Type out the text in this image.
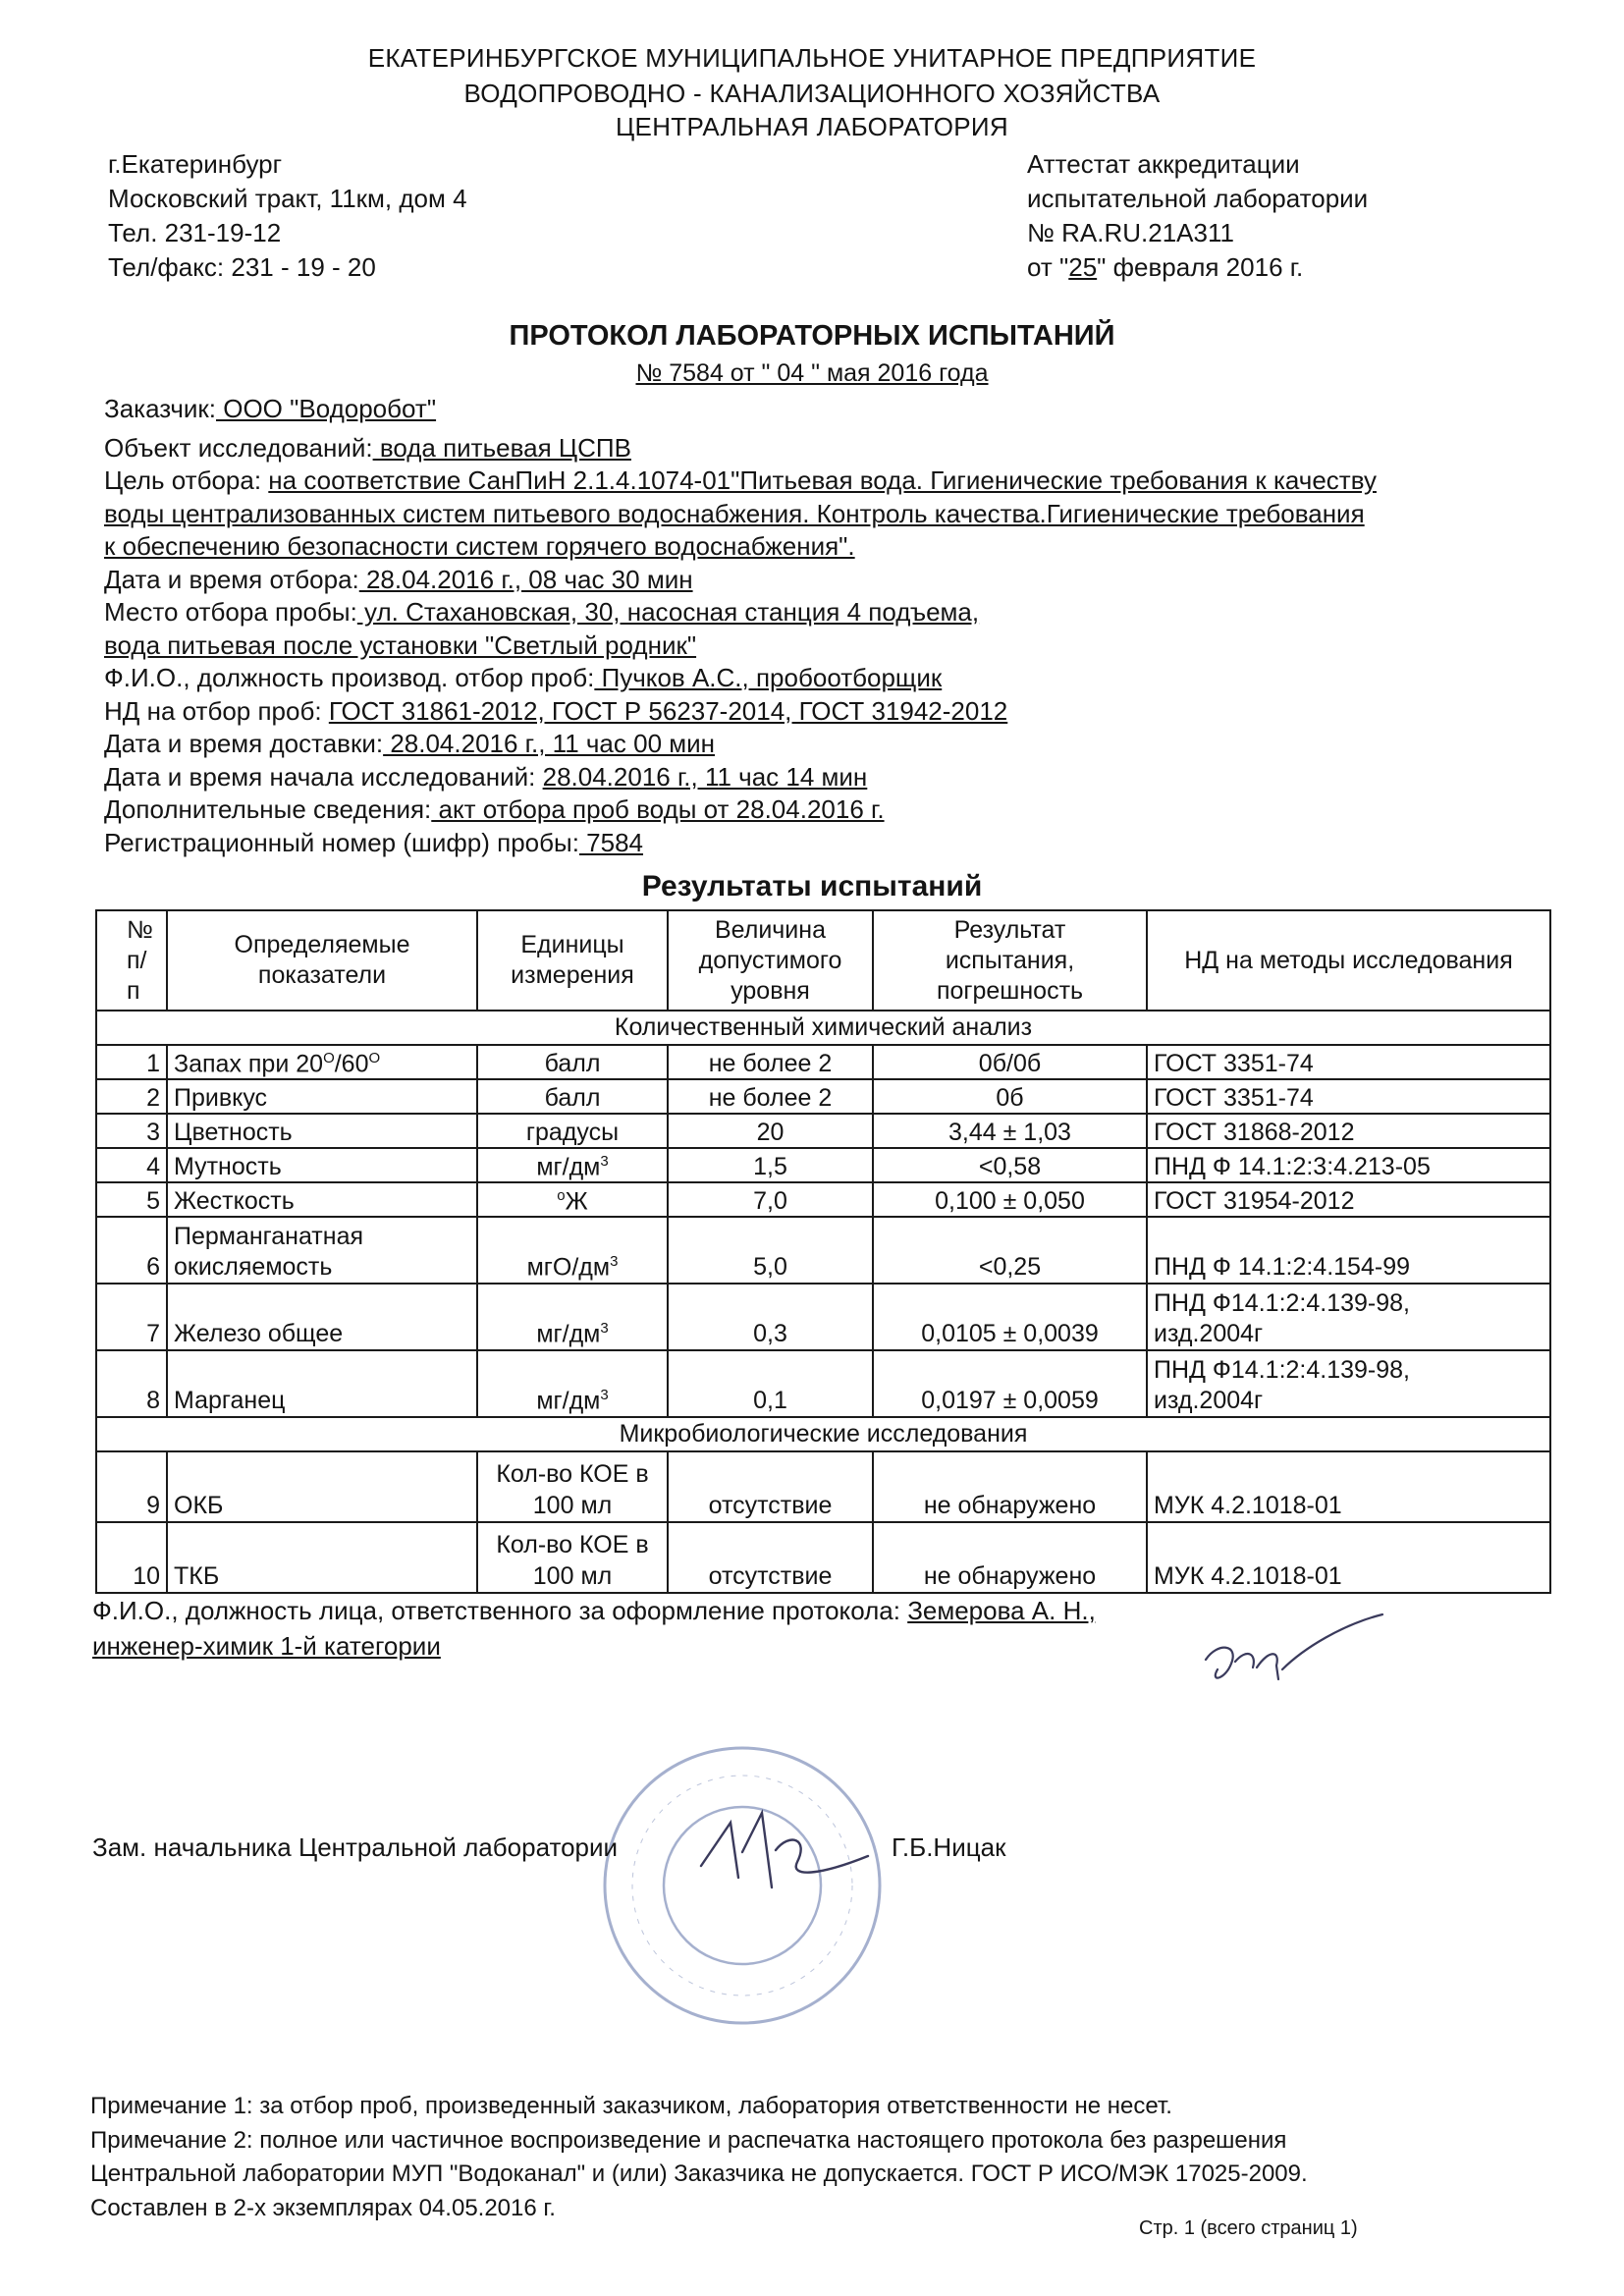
ЕКАТЕРИНБУРГСКОЕ МУНИЦИПАЛЬНОЕ УНИТАРНОЕ ПРЕДПРИЯТИЕ
ВОДОПРОВОДНО - КАНАЛИЗАЦИОННОГО ХОЗЯЙСТВА
ЦЕНТРАЛЬНАЯ ЛАБОРАТОРИЯ
г.Екатеринбург
Московский тракт, 11км, дом 4
Тел. 231-19-12
Тел/факс: 231 - 19 - 20
Аттестат аккредитации
испытательной лаборатории
№ RA.RU.21A311
от "25" февраля 2016 г.
ПРОТОКОЛ ЛАБОРАТОРНЫХ ИСПЫТАНИЙ
№ 7584 от " 04 " мая 2016 года
Заказчик: ООО "Водоробот"
Объект исследований: вода питьевая ЦСПВ
Цель отбора: на соответствие СанПиН 2.1.4.1074-01"Питьевая вода. Гигиенические требования к качеству
воды централизованных систем питьевого водоснабжения. Контроль качества.Гигиенические требования
к обеспечению безопасности систем горячего водоснабжения".
Дата и время отбора: 28.04.2016 г., 08 час 30 мин
Место отбора пробы: ул. Стахановская, 30, насосная станция 4 подъема,
вода питьевая после установки "Светлый родник"
Ф.И.О., должность производ. отбор проб: Пучков А.С., пробоотборщик
НД на отбор проб: ГОСТ 31861-2012, ГОСТ Р 56237-2014, ГОСТ 31942-2012
Дата и время доставки: 28.04.2016 г., 11 час 00 мин
Дата и время начала исследований: 28.04.2016 г., 11 час 14 мин
Дополнительные сведения: акт отбора проб воды от 28.04.2016 г.
Регистрационный номер (шифр) пробы: 7584
Результаты испытаний
№ п/п	Определяемые показатели	Единицы измерения	Величина допустимого уровня	Результат испытания, погрешность	НД на методы исследования
Количественный химический анализ					
1	Запах при $20^O/60^O$	балл	не более 2	0б/0б	ГОСТ 3351-74
2	Привкус	балл	не более 2	0б	ГОСТ 3351-74
3	Цветность	градусы	20	3,44 ± 1,03	ГОСТ 31868-2012
4	Мутность	$мг/дм^3$	1,5	<0,58	ПНД Ф 14.1:2:3:4.213-05
5	Жесткость	$^o$Ж	7,0	0,100 ± 0,050	ГОСТ 31954-2012
6	Перманганатная
окисляемость	мгО/$дм^3$	5,0	<0,25	ПНД Ф 14.1:2:4.154-99
7	Железо общее	$мг/дм^3$	0,3	0,0105 ± 0,0039	ПНД Ф14.1:2:4.139-98,
изд.2004г

8	Марганец	$мг/дм^3$	0,1	0,0197 ± 0,0059	ПНД Ф14.1:2:4.139-98,
изд.2004г

Микробиологические исследования					
9	ОКБ	Кол-во КОЕ в
100 мл	отсутствие	не обнаружено	МУК 4.2.1018-01
10	ТКБ	Кол-во КОЕ в
100 мл	отсутствие	не обнаружено	МУК 4.2.1018-01
Ф.И.О., должность лица, ответственного за оформление протокола: Земерова А. Н.,
инженер-химик 1-й категории
Зам. начальника Центральной лаборатории	Г.Б.Ницак
Примечание 1: за отбор проб, произведенный заказчиком, лаборатория ответственности не несет.
Примечание 2: полное или частичное воспроизведение и распечатка настоящего протокола без разрешения
Центральной лаборатории МУП "Водоканал" и (или) Заказчика не допускается. ГОСТ Р ИСО/МЭК 17025-2009.
Составлен в 2-х экземплярах 04.05.2016 г.
Стр. 1 (всего страниц 1)
